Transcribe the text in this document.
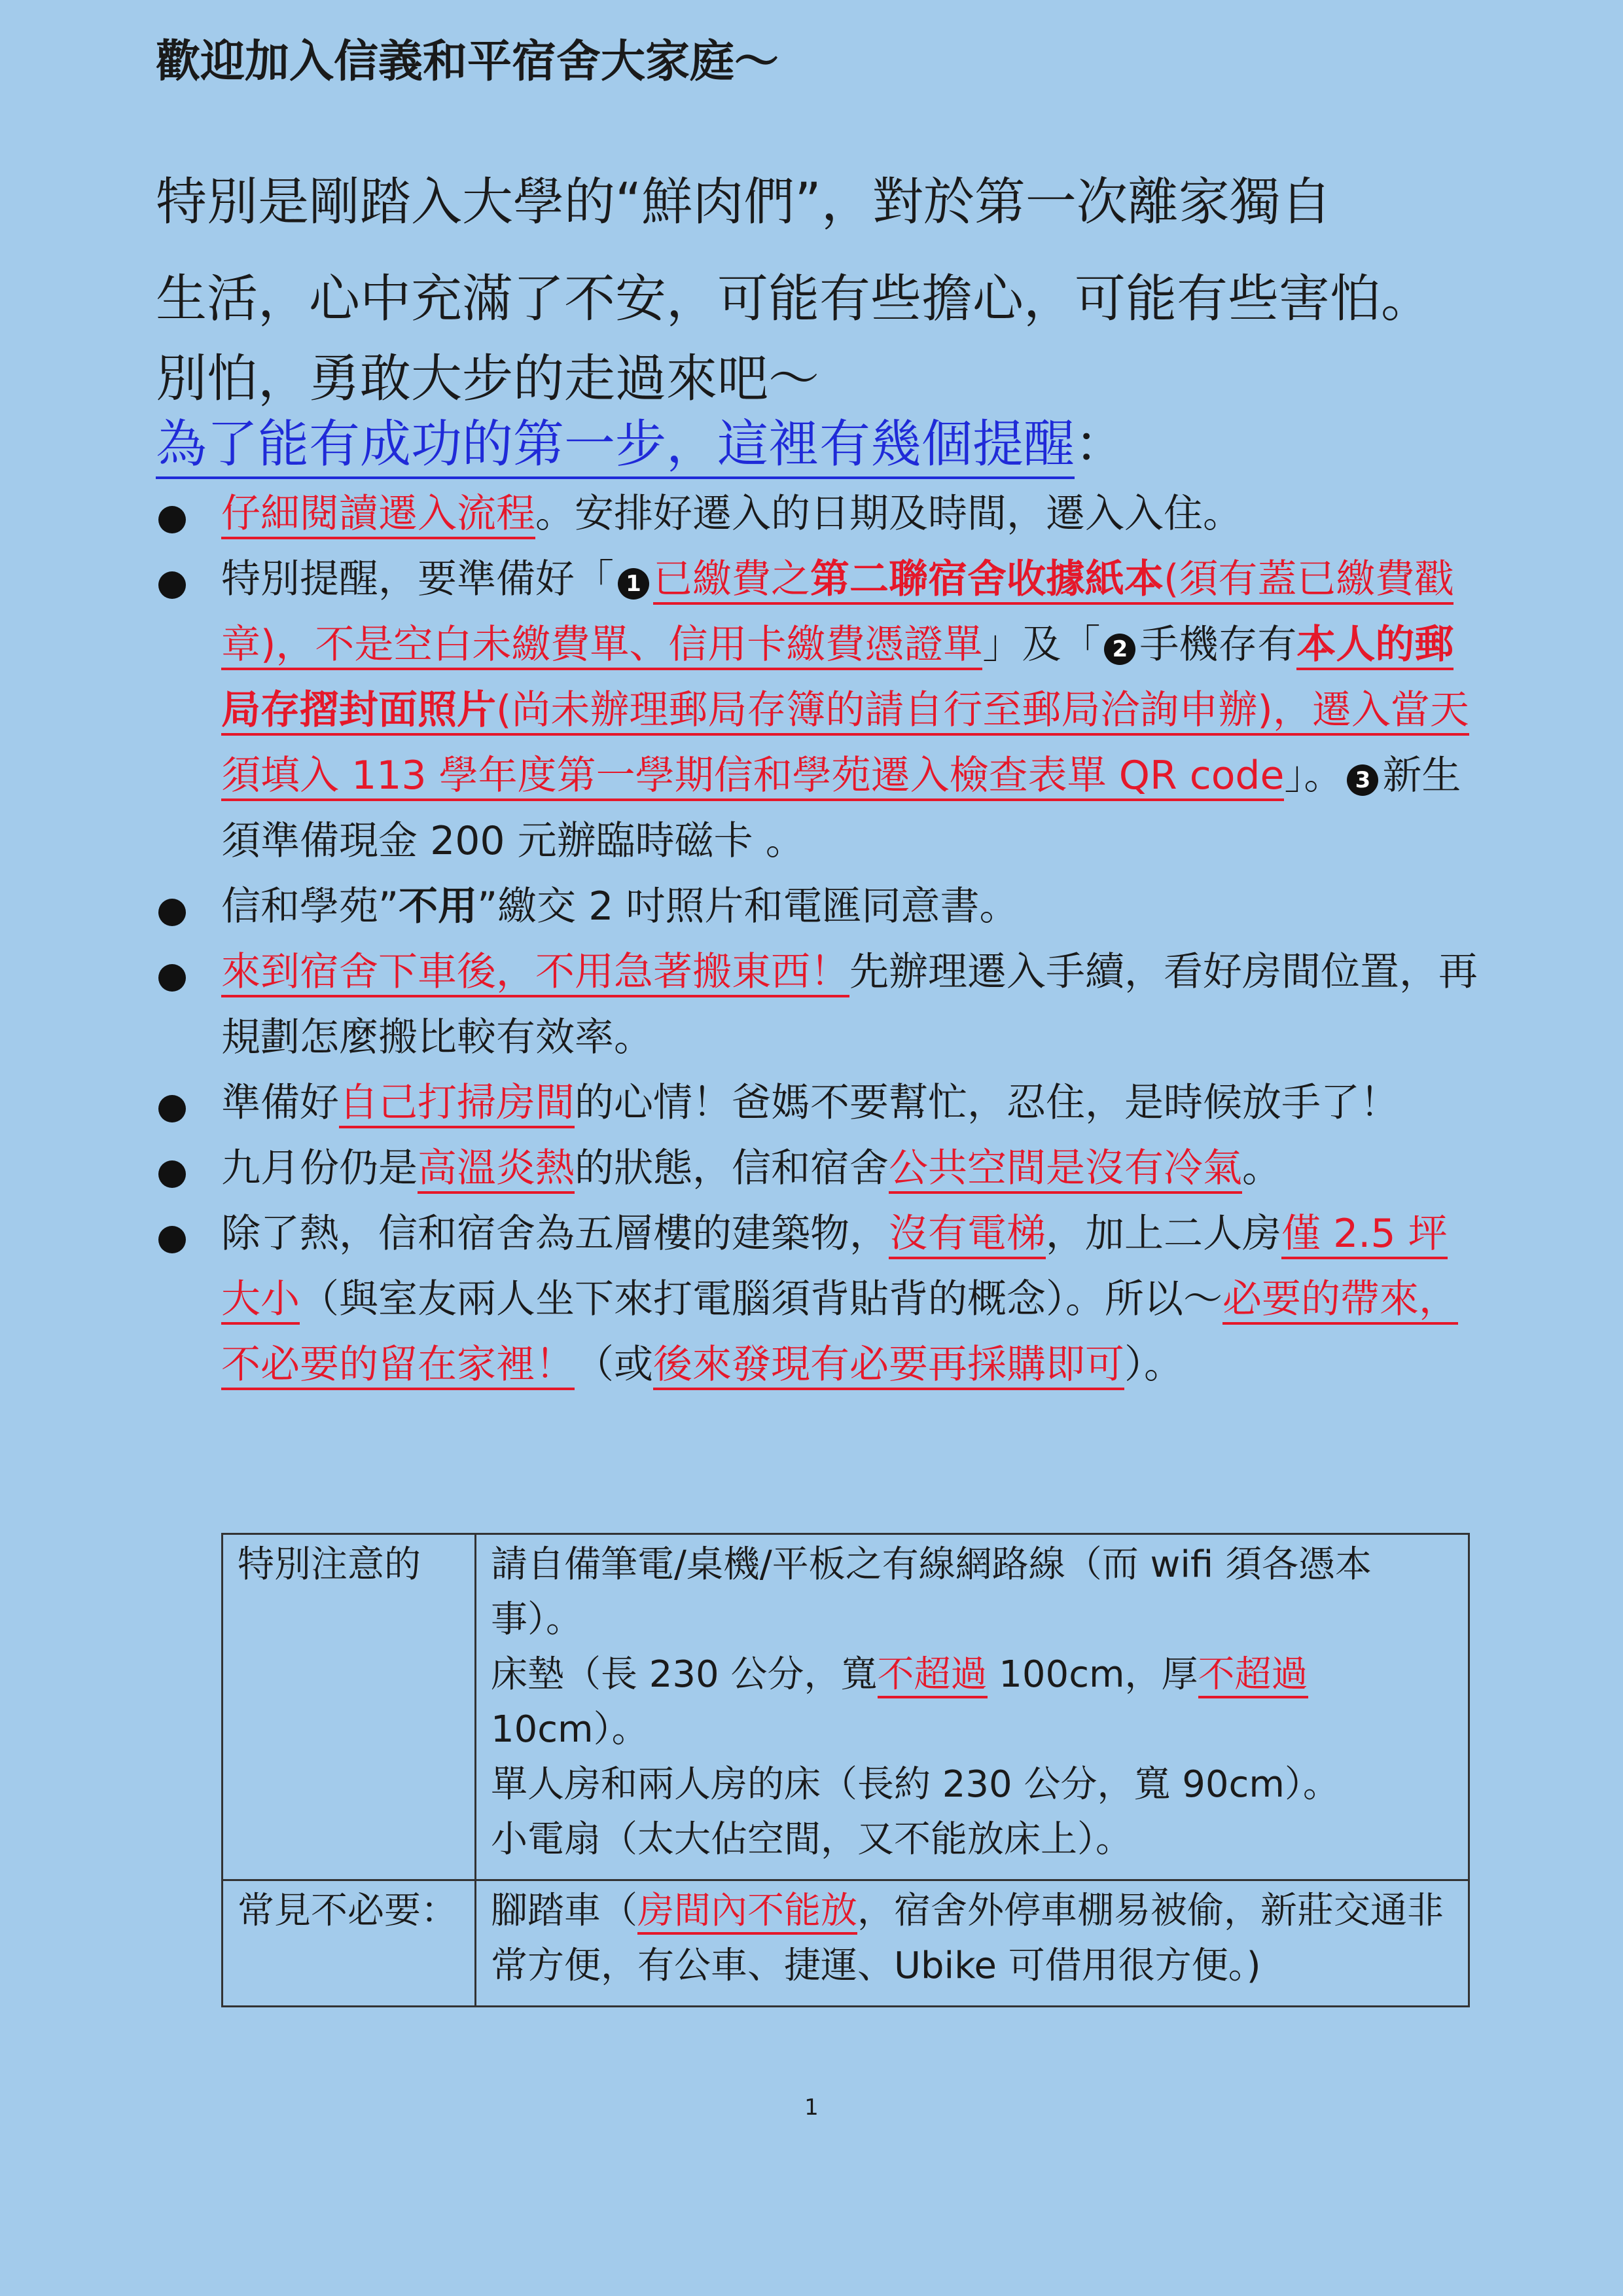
歡迎加入信義和平宿舍大家庭～

特別是剛踏入大學的“鮮肉們”，對於第一次離家獨自

生活，心中充滿了不安，可能有些擔心，可能有些害怕。

別怕，勇敢大步的走過來吧～
為了能有成功的第一步，這裡有幾個提醒：
仔細閱讀遷入流程。安排好遷入的日期及時間，遷入入住。
特別提醒，要準備好「 1 已繳費之第二聯宿舍收據紙本(須有蓋已繳費戳章)，不是空白未繳費單、信用卡繳費憑證單」及「 2 手機存有本人的郵局存摺封面照片(尚未辦理郵局存簿的請自行至郵局洽詢申辦)，遷入當天須填入 113 學年度第一學期信和學苑遷入檢查表單 QR code」。 3 新生須準備現金 200 元辦臨時磁卡 。
信和學苑”不用”繳交 2 吋照片和電匯同意書。
來到宿舍下車後，不用急著搬東西！先辦理遷入手續，看好房間位置，再規劃怎麼搬比較有效率。
準備好自己打掃房間的心情！爸媽不要幫忙，忍住，是時候放手了！
九月份仍是高溫炎熱的狀態，信和宿舍公共空間是沒有冷氣。
除了熱，信和宿舍為五層樓的建築物，沒有電梯，加上二人房僅 2.5 坪大小（與室友兩人坐下來打電腦須背貼背的概念）。所以～必要的帶來，不必要的留在家裡！（或後來發現有必要再採購即可）。
特別注意的	請自備筆電/桌機/平板之有線網路線（而 wifi 須各憑本事）。
床墊（長 230 公分，寬不超過 100cm，厚不超過 10cm）。
單人房和兩人房的床（長約 230 公分，寬 90cm）。
小電扇（太大佔空間，又不能放床上）。

常見不必要：	腳踏車（房間內不能放，宿舍外停車棚易被偷，新莊交通非常方便，有公車、捷運、Ubike 可借用很方便。)
1
